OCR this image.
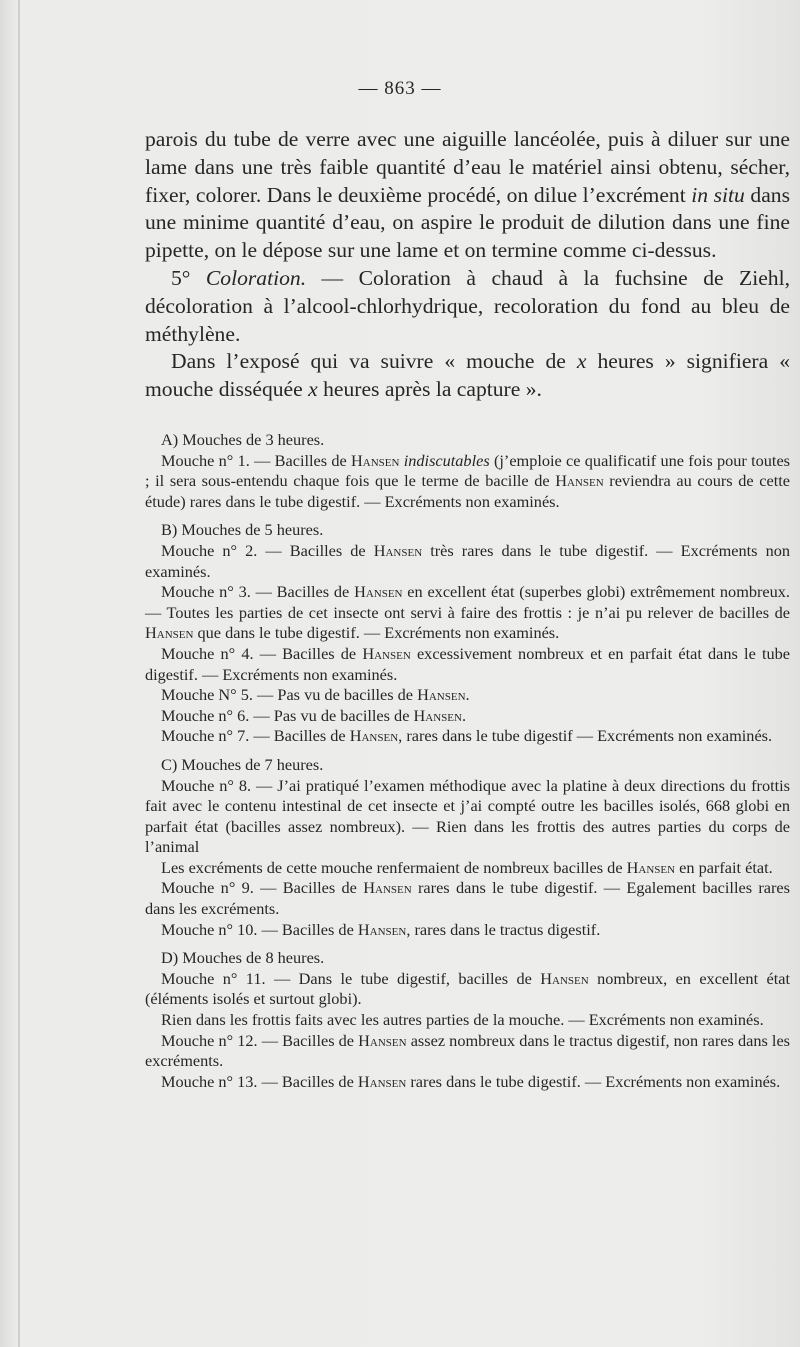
— 863 —

parois du tube de verre avec une aiguille lancéolée, puis à diluer sur une lame dans une très faible quantité d’eau le matériel ainsi obtenu, sécher, fixer, colorer. Dans le deuxième procédé, on dilue l’excrément in situ dans une minime quantité d’eau, on aspire le produit de dilution dans une fine pipette, on le dépose sur une lame et on termine comme ci-dessus.

5° Coloration. — Coloration à chaud à la fuchsine de Ziehl, décoloration à l’alcool-chlorhydrique, recoloration du fond au bleu de méthylène.

Dans l’exposé qui va suivre « mouche de x heures » signifiera « mouche disséquée x heures après la capture ».

A) Mouches de 3 heures.

Mouche n° 1. — Bacilles de Hansen indiscutables (j’emploie ce qualificatif une fois pour toutes ; il sera sous-entendu chaque fois que le terme de bacille de Hansen reviendra au cours de cette étude) rares dans le tube digestif. — Excréments non examinés.

B) Mouches de 5 heures.

Mouche n° 2. — Bacilles de Hansen très rares dans le tube digestif. — Excréments non examinés.

Mouche n° 3. — Bacilles de Hansen en excellent état (superbes globi) extrêmement nombreux. — Toutes les parties de cet insecte ont servi à faire des frottis : je n’ai pu relever de bacilles de Hansen que dans le tube digestif. — Excréments non examinés.

Mouche n° 4. — Bacilles de Hansen excessivement nombreux et en parfait état dans le tube digestif. — Excréments non examinés.

Mouche N° 5. — Pas vu de bacilles de Hansen.

Mouche n° 6. — Pas vu de bacilles de Hansen.

Mouche n° 7. — Bacilles de Hansen, rares dans le tube digestif — Excréments non examinés.

C) Mouches de 7 heures.

Mouche n° 8. — J’ai pratiqué l’examen méthodique avec la platine à deux directions du frottis fait avec le contenu intestinal de cet insecte et j’ai compté outre les bacilles isolés, 668 globi en parfait état (bacilles assez nombreux). — Rien dans les frottis des autres parties du corps de l’animal

Les excréments de cette mouche renfermaient de nombreux bacilles de Hansen en parfait état.

Mouche n° 9. — Bacilles de Hansen rares dans le tube digestif. — Egalement bacilles rares dans les excréments.

Mouche n° 10. — Bacilles de Hansen, rares dans le tractus digestif.

D) Mouches de 8 heures.

Mouche n° 11. — Dans le tube digestif, bacilles de Hansen nombreux, en excellent état (éléments isolés et surtout globi).

Rien dans les frottis faits avec les autres parties de la mouche. — Excréments non examinés.

Mouche n° 12. — Bacilles de Hansen assez nombreux dans le tractus digestif, non rares dans les excréments.

Mouche n° 13. — Bacilles de Hansen rares dans le tube digestif. — Excréments non examinés.
